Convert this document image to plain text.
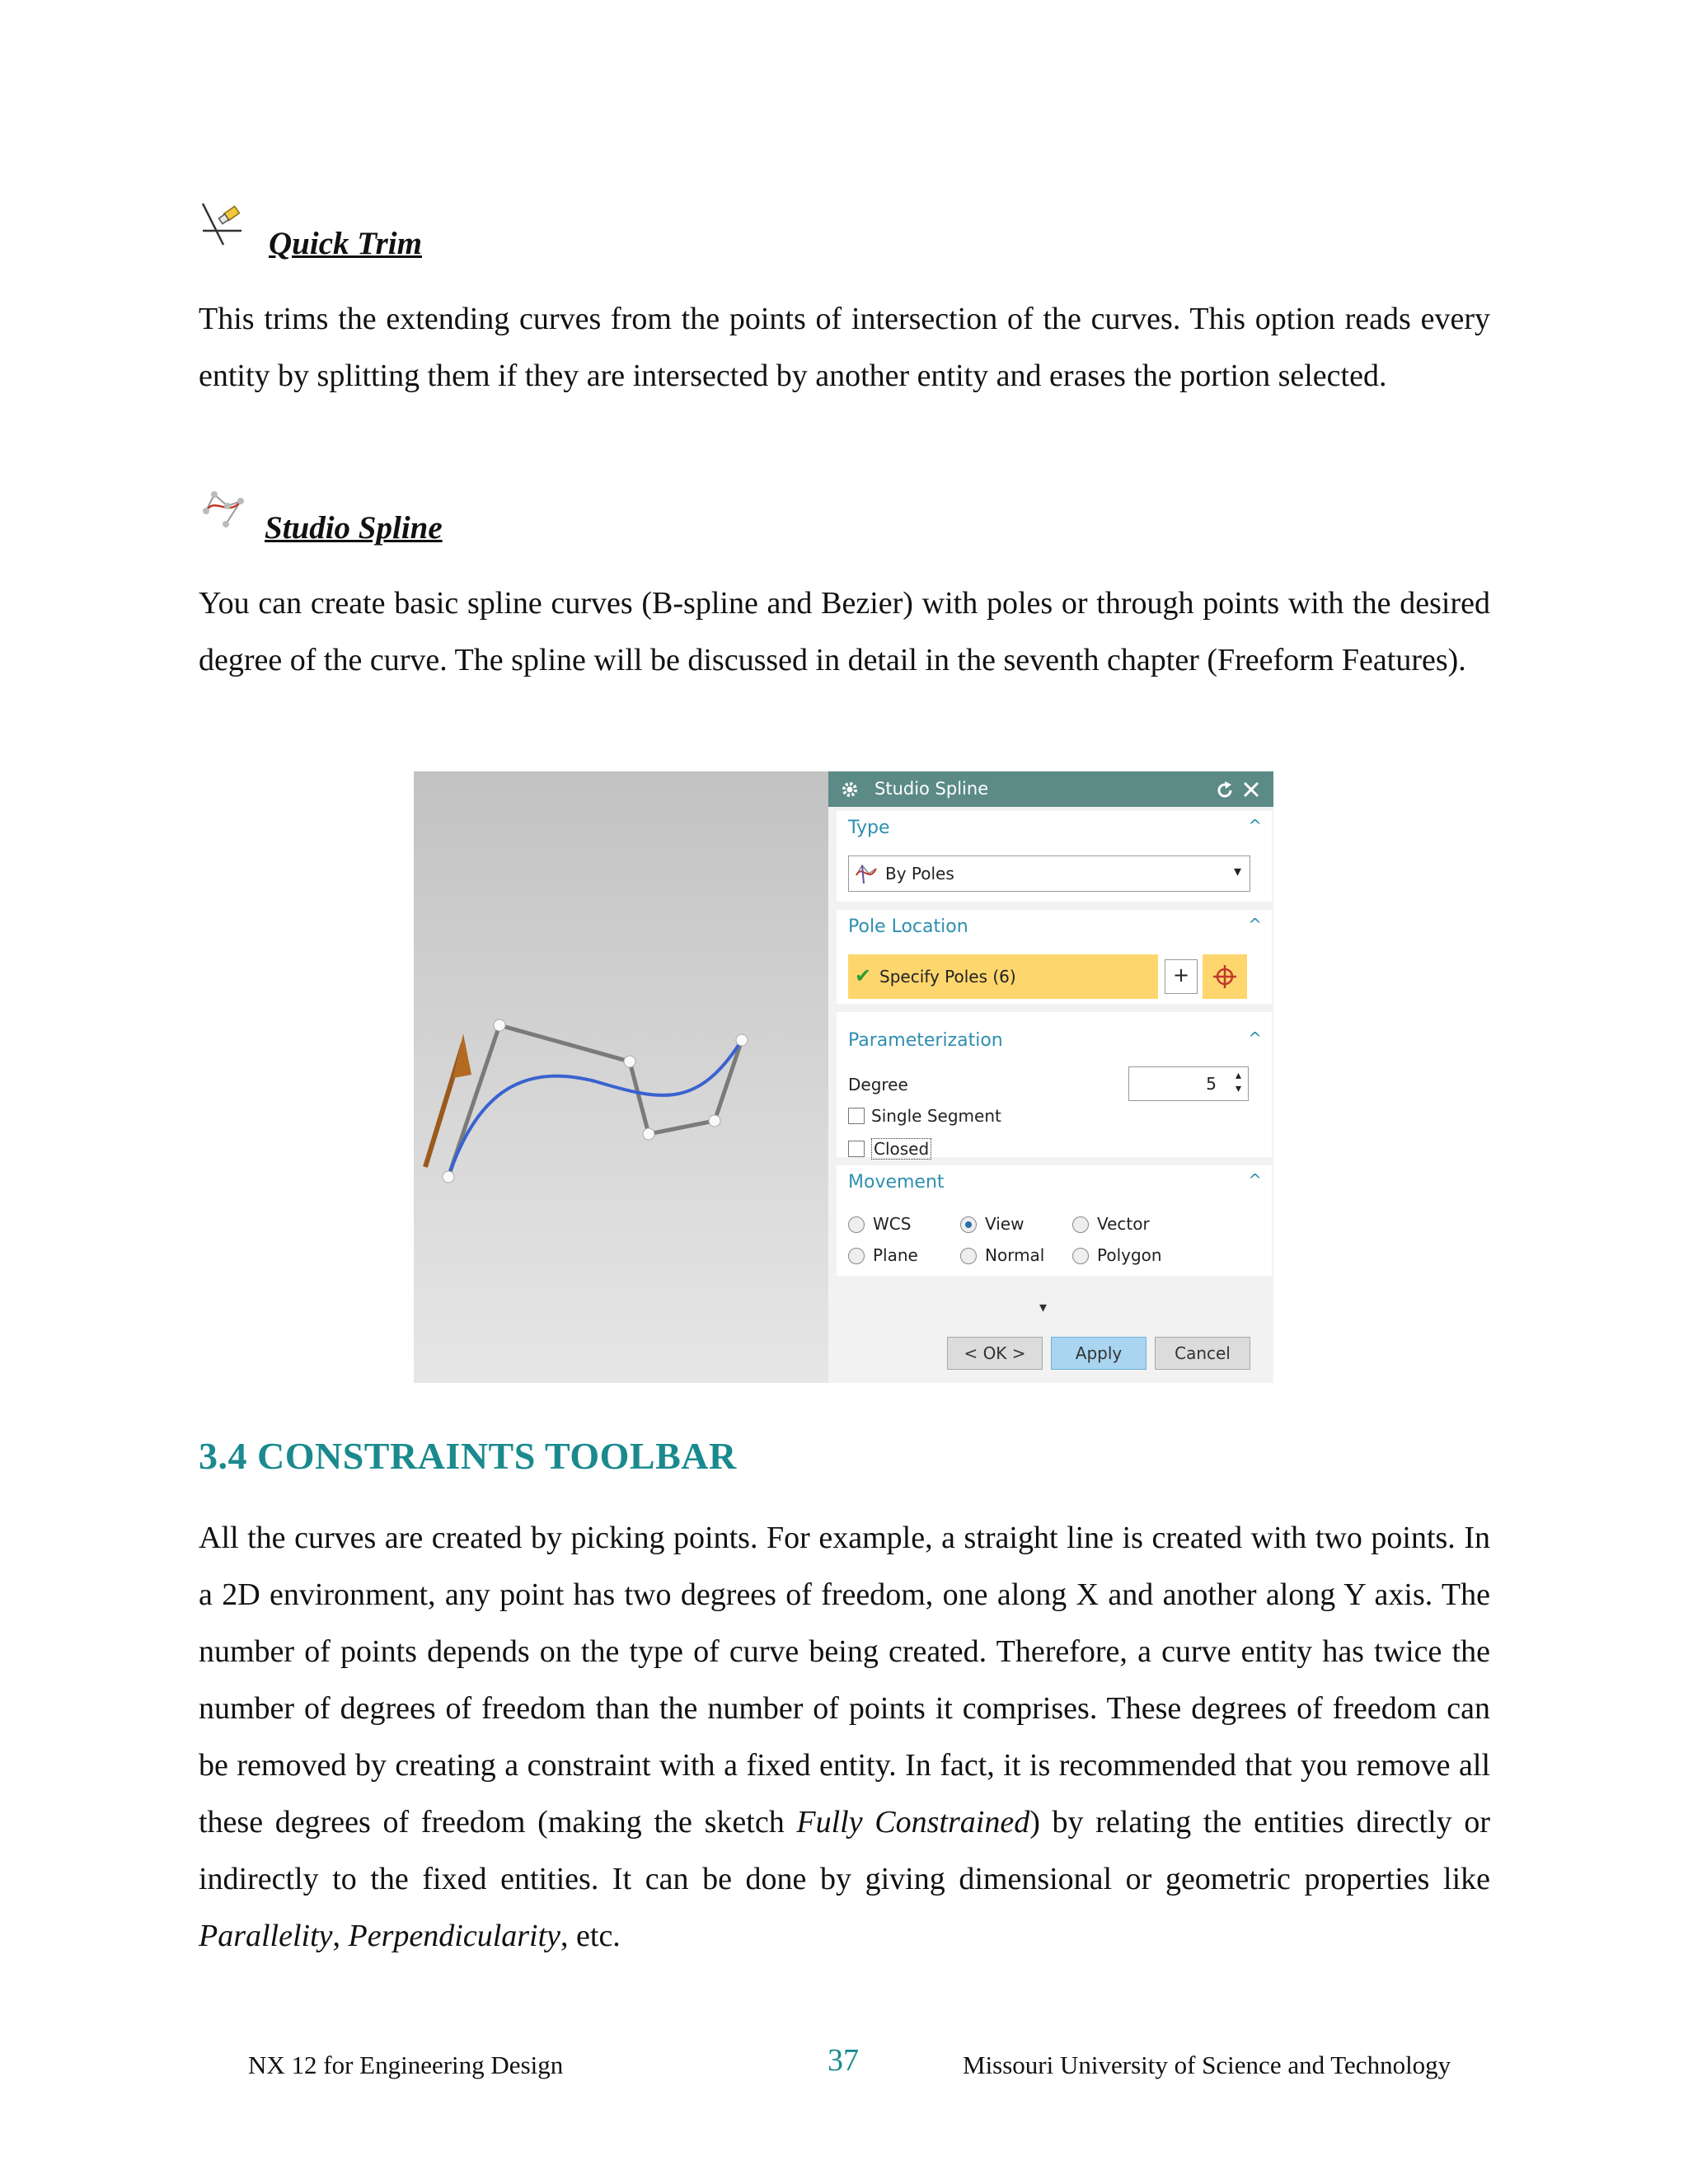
Quick Trim
This trims the extending curves from the points of intersection of the curves. This option reads every entity by splitting them if they are intersected by another entity and erases the portion selected.
Studio Spline
You can create basic spline curves (B-spline and Bezier) with poles or through points with the desired degree of the curve. The spline will be discussed in detail in the seventh chapter (Freeform Features).
Studio Spline
Type	^
By Poles	▾
Pole Location	^
✔ Specify Poles (6)	+
Parameterization	^
Degree	5 ▴
▾
Single Segment
Closed
Movement	^
WCS	View	Vector
Plane	Normal	Polygon
▾
< OK >	Apply	Cancel
3.4 CONSTRAINTS TOOLBAR
All the curves are created by picking points. For example, a straight line is created with two points. In a 2D environment, any point has two degrees of freedom, one along X and another along Y axis. The number of points depends on the type of curve being created. Therefore, a curve entity has twice the number of degrees of freedom than the number of points it comprises. These degrees of freedom can be removed by creating a constraint with a fixed entity. In fact, it is recommended that you remove all these degrees of freedom (making the sketch Fully Constrained) by relating the entities directly or indirectly to the fixed entities. It can be done by giving dimensional or geometric properties like Parallelity, Perpendicularity, etc.
NX 12 for Engineering Design	37	Missouri University of Science and Technology
